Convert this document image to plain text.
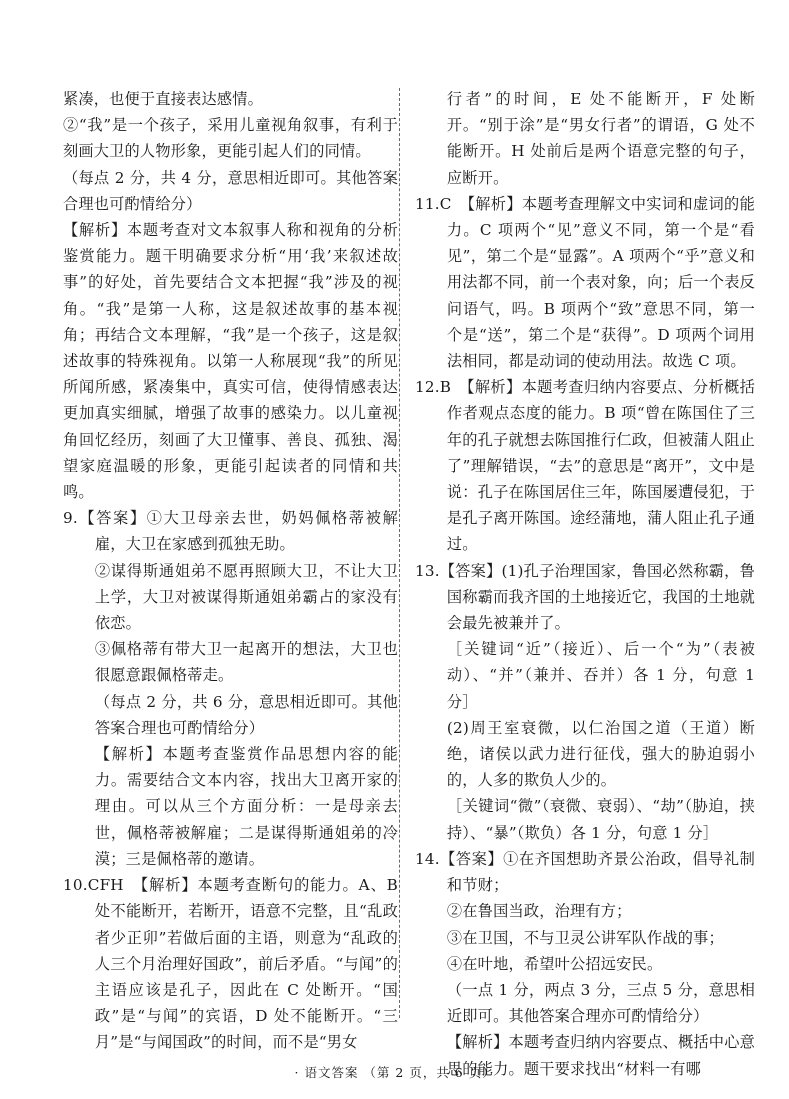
紧凑，也便于直接表达感情。

②“我”是一个孩子，采用儿童视角叙事，有利于刻画大卫的人物形象，更能引起人们的同情。

（每点 2 分，共 4 分，意思相近即可。其他答案合理也可酌情给分）

【解析】本题考查对文本叙事人称和视角的分析鉴赏能力。题干明确要求分析“用‘我’来叙述故事”的好处，首先要结合文本把握“我”涉及的视角。“我”是第一人称，这是叙述故事的基本视角；再结合文本理解，“我”是一个孩子，这是叙述故事的特殊视角。以第一人称展现“我”的所见所闻所感，紧凑集中，真实可信，使得情感表达更加真实细腻，增强了故事的感染力。以儿童视角回忆经历，刻画了大卫懂事、善良、孤独、渴望家庭温暖的形象，更能引起读者的同情和共鸣。

9.【答案】①大卫母亲去世，奶妈佩格蒂被解雇，大卫在家感到孤独无助。

②谋得斯通姐弟不愿再照顾大卫，不让大卫上学，大卫对被谋得斯通姐弟霸占的家没有依恋。

③佩格蒂有带大卫一起离开的想法，大卫也很愿意跟佩格蒂走。

（每点 2 分，共 6 分，意思相近即可。其他答案合理也可酌情给分）

【解析】本题考查鉴赏作品思想内容的能力。需要结合文本内容，找出大卫离开家的理由。可以从三个方面分析：一是母亲去世，佩格蒂被解雇；二是谋得斯通姐弟的冷漠；三是佩格蒂的邀请。

10.CFH　【解析】本题考查断句的能力。A、B处不能断开，若断开，语意不完整，且“乱政者少正卯”若做后面的主语，则意为“乱政的人三个月治理好国政”，前后矛盾。“与闻”的主语应该是孔子，因此在 C 处断开。“国政”是“与闻”的宾语，D 处不能断开。“三月”是“与闻国政”的时间，而不是“男女

行者”的时间，E 处不能断开，F 处断开。“别于涂”是“男女行者”的谓语，G 处不能断开。H 处前后是两个语意完整的句子，应断开。

11.C　【解析】本题考查理解文中实词和虚词的能力。C 项两个“见”意义不同，第一个是“看见”，第二个是“显露”。A 项两个“乎”意义和用法都不同，前一个表对象，向；后一个表反问语气，吗。B 项两个“致”意思不同，第一个是“送”，第二个是“获得”。D 项两个词用法相同，都是动词的使动用法。故选 C 项。

12.B　【解析】本题考查归纳内容要点、分析概括作者观点态度的能力。B 项“曾在陈国住了三年的孔子就想去陈国推行仁政，但被蒲人阻止了”理解错误，“去”的意思是“离开”，文中是说：孔子在陈国居住三年，陈国屡遭侵犯，于是孔子离开陈国。途经蒲地，蒲人阻止孔子通过。

13.【答案】(1)孔子治理国家，鲁国必然称霸，鲁国称霸而我齐国的土地接近它，我国的土地就会最先被兼并了。

［关键词“近”（接近）、后一个“为”（表被动）、“并”（兼并、吞并）各 1 分，句意 1 分］

(2)周王室衰微，以仁治国之道（王道）断绝，诸侯以武力进行征伐，强大的胁迫弱小的，人多的欺负人少的。

［关键词“微”（衰微、衰弱）、“劫”（胁迫，挟持）、“暴”（欺负）各 1 分，句意 1 分］

14.【答案】①在齐国想助齐景公治政，倡导礼制和节财；

②在鲁国当政，治理有方；

③在卫国，不与卫灵公讲军队作战的事；

④在叶地，希望叶公招远安民。

（一点 1 分，两点 3 分，三点 5 分，意思相近即可。其他答案合理亦可酌情给分）

【解析】本题考查归纳内容要点、概括中心意思的能力。题干要求找出“材料一有哪

· 语文答案 （第 2 页，共 6 页）·
